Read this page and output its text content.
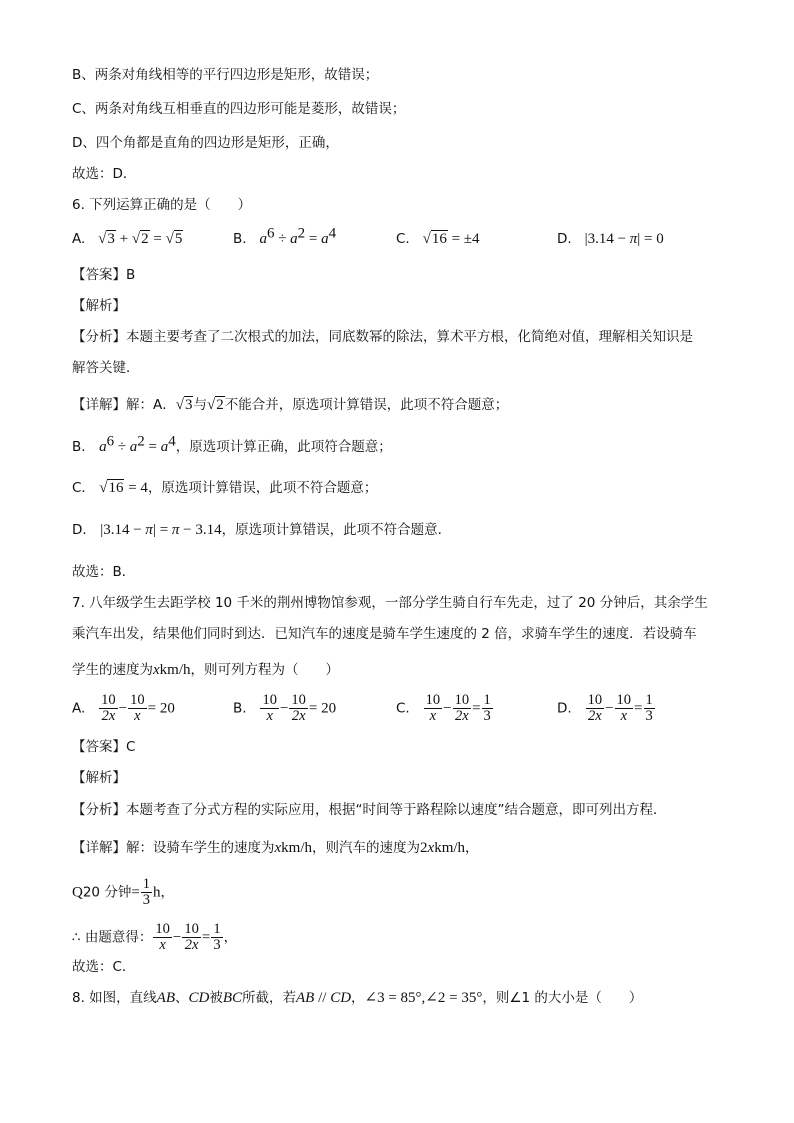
B、两条对角线相等的平行四边形是矩形，故错误；
C、两条对角线互相垂直的四边形可能是菱形，故错误；
D、四个角都是直角的四边形是矩形，正确，
故选：D．
6. 下列运算正确的是（　　）
A. √3 + √2 = √5	B. $a^6 \div a^2 = a^4$	C. √16 = ±4	D. |3.14 − π| = 0
【答案】B
【解析】
【分析】本题主要考查了二次根式的加法，同底数幂的除法，算术平方根，化简绝对值，理解相关知识是
解答关键．
【详解】解：A．√3与√2不能合并，原选项计算错误，此项不符合题意；
B． $a^6 \div a^2 = a^4$，原选项计算正确，此项符合题意；
C． √16 = 4，原选项计算错误，此项不符合题意；
D． |3.14 − π| = π − 3.14，原选项计算错误，此项不符合题意．
故选：B．
7. 八年级学生去距学校 10 千米的荆州博物馆参观，一部分学生骑自行车先走，过了 20 分钟后，其余学生
乘汽车出发，结果他们同时到达．已知汽车的速度是骑车学生速度的 2 倍，求骑车学生的速度．若设骑车
学生的速度为xkm/h，则可列方程为（　　）
A. $\frac{10}{2x} - \frac{10}{x} = 20$	B. $\frac{10}{x} - \frac{10}{2x} = 20$	C. $\frac{10}{x} - \frac{10}{2x} = \frac{1}{3}$	D. $\frac{10}{2x} - \frac{10}{x} = \frac{1}{3}$
【答案】C
【解析】
【分析】本题考查了分式方程的实际应用，根据“时间等于路程除以速度”结合题意，即可列出方程．
【详解】解：设骑车学生的速度为xkm/h，则汽车的速度为2xkm/h，
Q20 分钟= $\frac{1}{3}$ h，
∴ 由题意得： $\frac{10}{x} - \frac{10}{2x} = \frac{1}{3}$ ，
故选：C．
8. 如图，直线AB、CD被BC所截，若AB // CD，∠3 = 85°,∠2 = 35°，则∠1 的大小是（　　）
